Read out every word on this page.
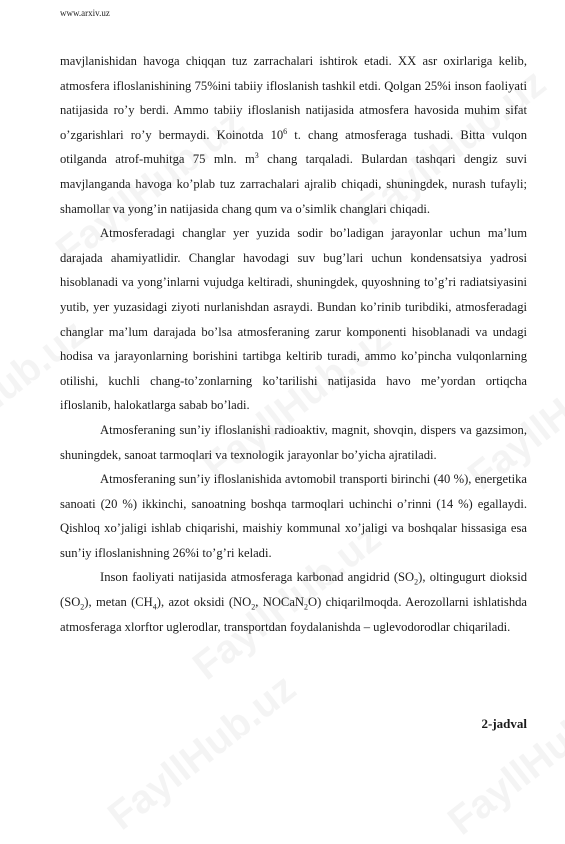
www.arxiv.uz

mavjlanishidan havoga chiqqan tuz zarrachalari ishtirok etadi. XX asr oxirlariga kelib, atmosfera ifloslanishining 75%ini tabiiy ifloslanish tashkil etdi. Qolgan 25%i inson faoliyati natijasida ro’y berdi. Ammo tabiiy ifloslanish natijasida atmosfera havosida muhim sifat o’zgarishlari ro’y bermaydi. Koinotda $10^6$ t. chang atmosferaga tushadi. Bitta vulqon otilganda atrof-muhitga 75 mln. $m^3$ chang tarqaladi. Bulardan tashqari dengiz suvi mavjlanganda havoga ko’plab tuz zarrachalari ajralib chiqadi, shuningdek, nurash tufayli; shamollar va yong’in natijasida chang qum va o’simlik changlari chiqadi.

Atmosferadagi changlar yer yuzida sodir bo’ladigan jarayonlar uchun ma’lum darajada ahamiyatlidir. Changlar havodagi suv bug’lari uchun kondensatsiya yadrosi hisoblanadi va yong’inlarni vujudga keltiradi, shuningdek, quyoshning to’g’ri radiatsiyasini yutib, yer yuzasidagi ziyoti nurlanishdan asraydi. Bundan ko’rinib turibdiki, atmosferadagi changlar ma’lum darajada bo’lsa atmosferaning zarur komponenti hisoblanadi va undagi hodisa va jarayonlarning borishini tartibga keltirib turadi, ammo ko’pincha vulqonlarning otilishi, kuchli chang-to’zonlarning ko’tarilishi natijasida havo me’yordan ortiqcha ifloslanib, halokatlarga sabab bo’ladi.

Atmosferaning sun’iy ifloslanishi radioaktiv, magnit, shovqin, dispers va gazsimon, shuningdek, sanoat tarmoqlari va texnologik jarayonlar bo’yicha ajratiladi.

Atmosferaning sun’iy ifloslanishida avtomobil transporti birinchi (40 %), energetika sanoati (20 %) ikkinchi, sanoatning boshqa tarmoqlari uchinchi o’rinni (14 %) egallaydi. Qishloq xo’jaligi ishlab chiqarishi, maishiy kommunal xo’jaligi va boshqalar hissasiga esa sun’iy ifloslanishning 26%i to’g’ri keladi.

Inson faoliyati natijasida atmosferaga karbonad angidrid $(SO_2)$, oltingugurt dioksid $(SO_2)$, metan $(CH_4)$, azot oksidi ($NO_2$, NOCaN$_2$O) chiqarilmoqda. Aerozollarni ishlatishda atmosferaga xlorftor uglerodlar, transportdan foydalanishda – uglevodorodlar chiqariladi.

2-jadval
